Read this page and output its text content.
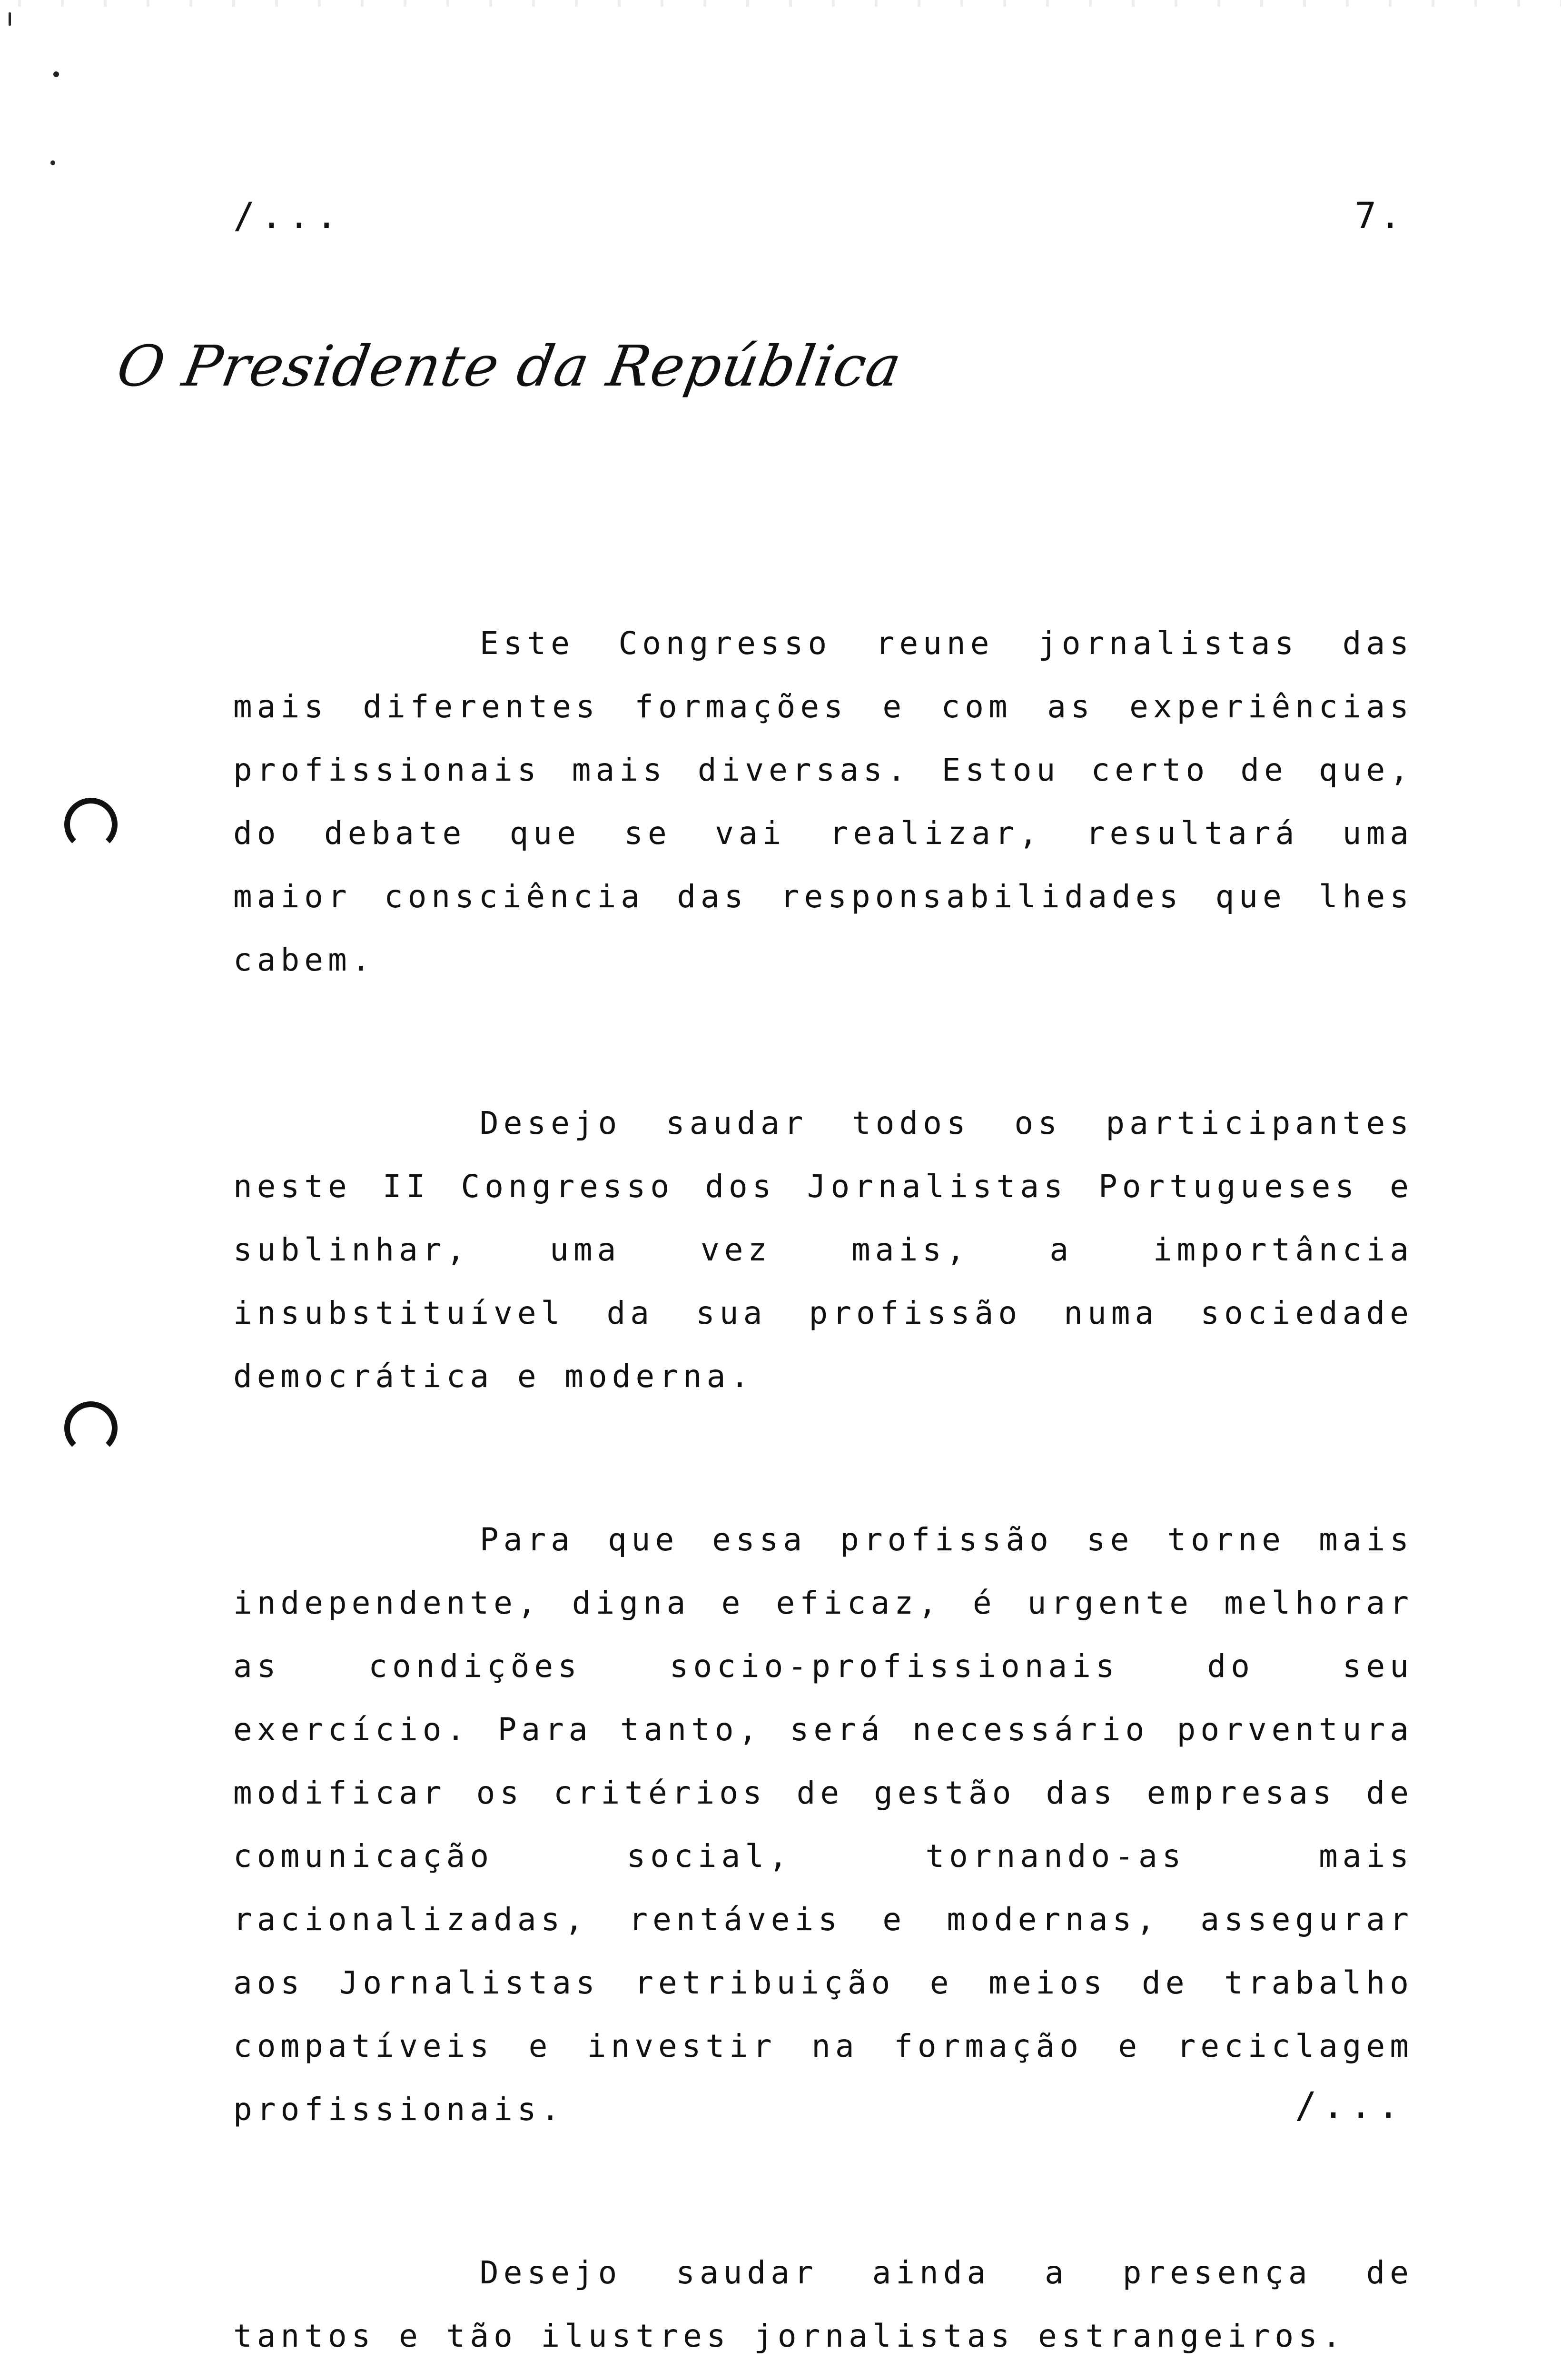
/...	7.
O Presidente da República

Este Congresso reune jornalistas das mais diferentes formações e com as experiências profissionais mais diversas. Estou certo de que, do debate que se vai realizar, resultará uma maior consciência das responsabilidades que lhes cabem.

Desejo saudar todos os participantes neste II Congresso dos Jornalistas Portugueses e sublinhar, uma vez mais, a importância insubstituível da sua profissão numa sociedade democrática e moderna.

Para que essa profissão se torne mais independente, digna e eficaz, é urgente melhorar as condições socio-profissionais do seu exercício. Para tanto, será necessário porventura modificar os critérios de gestão das empresas de comunicação social, tornando-as mais racionalizadas, rentáveis e modernas, assegurar aos Jornalistas retribuição e meios de trabalho compatíveis e investir na formação e reciclagem profissionais.

Desejo saudar ainda a presença de tantos e tão ilustres jornalistas estrangeiros.

/...
